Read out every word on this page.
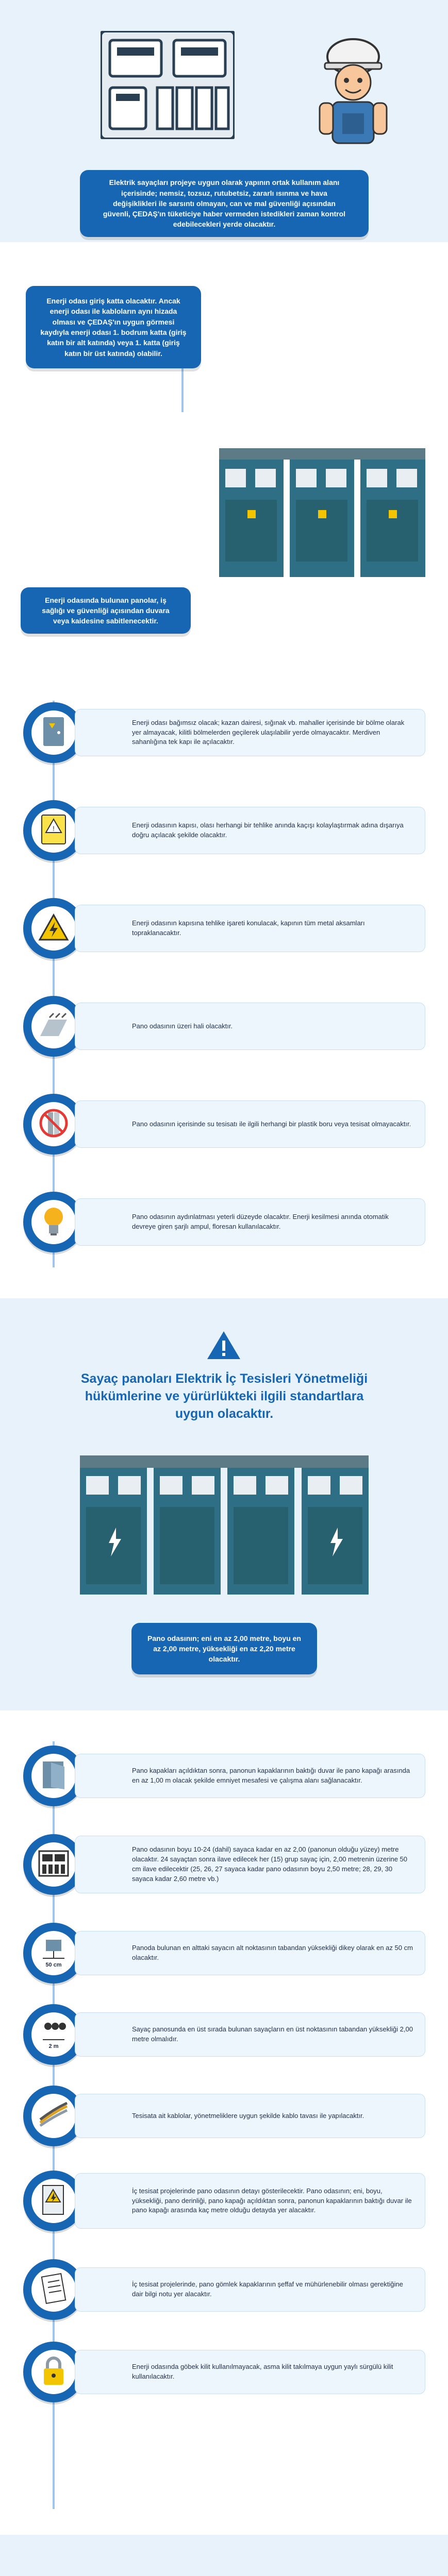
Elektrik sayaçları projeye uygun olarak yapının ortak kullanım alanı içerisinde; nemsiz, tozsuz, rutubetsiz, zararlı ısınma ve hava değişiklikleri ile sarsıntı olmayan, can ve mal güvenliği açısından güvenli, ÇEDAŞ'ın tüketiciye haber vermeden istedikleri zaman kontrol edebilecekleri yerde olacaktır.
Enerji odası giriş katta olacaktır. Ancak enerji odası ile kabloların aynı hizada olması ve ÇEDAŞ'ın uygun görmesi kaydıyla enerji odası 1. bodrum katta (giriş katın bir alt katında) veya 1. katta (giriş katın bir üst katında) olabilir.
Enerji odasında bulunan panolar, iş sağlığı ve güvenliği açısından duvara veya kaidesine sabitlenecektir.
Enerji odası bağımsız olacak; kazan dairesi, sığınak vb. mahaller içerisinde bir bölme olarak yer almayacak, kilitli bölmelerden geçilerek ulaşılabilir yerde olmayacaktır. Merdiven sahanlığına tek kapı ile açılacaktır.
!	Enerji odasının kapısı, olası herhangi bir tehlike anında kaçışı kolaylaştırmak adına dışarıya doğru açılacak şekilde olacaktır.
Enerji odasının kapısına tehlike işareti konulacak, kapının tüm metal aksamları topraklanacaktır.
Pano odasının üzeri hali olacaktır.
Pano odasının içerisinde su tesisatı ile ilgili herhangi bir plastik boru veya tesisat olmayacaktır.
Pano odasının aydınlatması yeterli düzeyde olacaktır. Enerji kesilmesi anında otomatik devreye giren şarjlı ampul, floresan kullanılacaktır.
Sayaç panoları Elektrik İç Tesisleri Yönetmeliği hükümlerine ve yürürlükteki ilgili standartlara uygun olacaktır.
Pano odasının; eni en az 2,00 metre, boyu en az 2,00 metre, yüksekliği en az 2,20 metre olacaktır.
Pano kapakları açıldıktan sonra, panonun kapaklarının baktığı duvar ile pano kapağı arasında en az 1,00 m olacak şekilde emniyet mesafesi ve çalışma alanı sağlanacaktır.
Pano odasının boyu 10-24 (dahil) sayaca kadar en az 2,00 (panonun olduğu yüzey) metre olacaktır. 24 sayaçtan sonra ilave edilecek her (15) grup sayaç için, 2,00 metrenin üzerine 50 cm ilave edilecektir (25, 26, 27 sayaca kadar pano odasının boyu 2,50 metre; 28, 29, 30 sayaca kadar 2,60 metre vb.)
50 cm
Panoda bulunan en alttaki sayacın alt noktasının tabandan yüksekliği dikey olarak en az 50 cm olacaktır.
2 m
Sayaç panosunda en üst sırada bulunan sayaçların en üst noktasının tabandan yüksekliği 2,00 metre olmalıdır.
Tesisata ait kablolar, yönetmeliklere uygun şekilde kablo tavası ile yapılacaktır.
İç tesisat projelerinde pano odasının detayı gösterilecektir. Pano odasının; eni, boyu, yüksekliği, pano derinliği, pano kapağı açıldıktan sonra, panonun kapaklarının baktığı duvar ile pano kapağı arasında kaç metre olduğu detayda yer alacaktır.
İç tesisat projelerinde, pano gömlek kapaklarının şeffaf ve mühürlenebilir olması gerektiğine dair bilgi notu yer alacaktır.
Enerji odasında göbek kilit kullanılmayacak, asma kilit takılmaya uygun yaylı sürgülü kilit kullanılacaktır.
